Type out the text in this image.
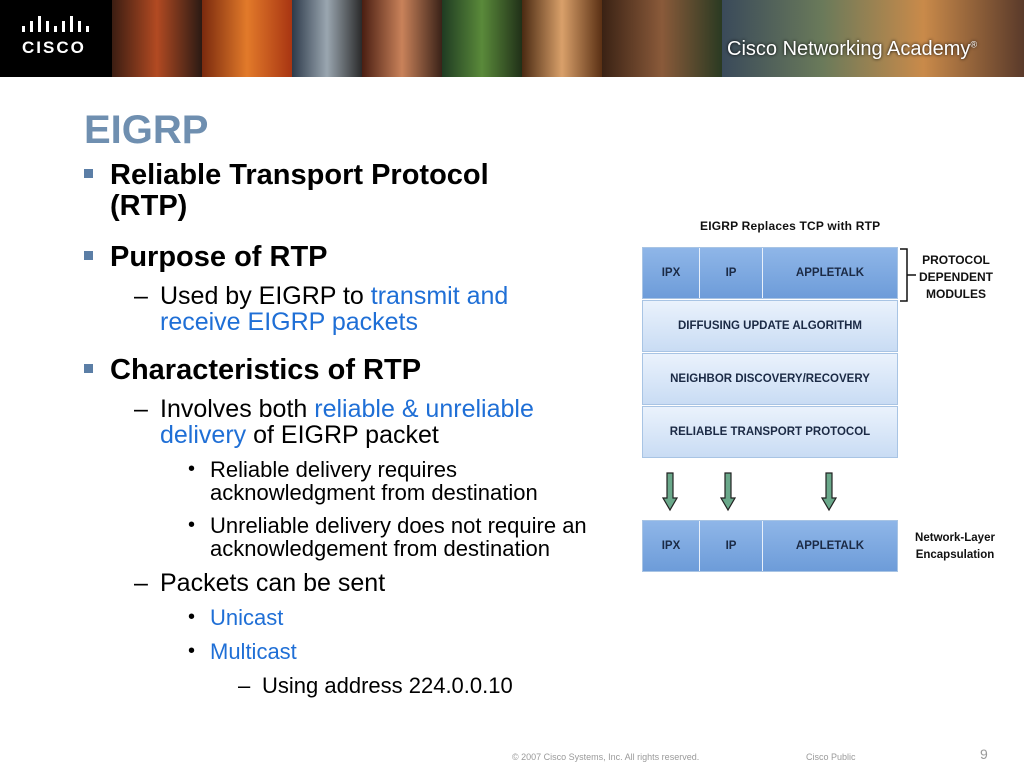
CISCO	Cisco Networking Academy®
EIGRP
Reliable Transport Protocol (RTP)
Purpose of RTP
– Used by EIGRP to transmit and receive EIGRP packets
Characteristics of RTP
– Involves both reliable & unreliable delivery of EIGRP packet
• Reliable delivery requires acknowledgment from destination
• Unreliable delivery does not require an acknowledgement from destination
– Packets can be sent
• Unicast
• Multicast
– Using address 224.0.0.10
EIGRP Replaces TCP with RTP
IPX	IP	APPLETALK
DIFFUSING UPDATE ALGORITHM
NEIGHBOR DISCOVERY/RECOVERY
RELIABLE TRANSPORT PROTOCOL
PROTOCOL
DEPENDENT
MODULES
IPX	IP	APPLETALK
Network-Layer
Encapsulation
© 2007 Cisco Systems, Inc. All rights reserved.	Cisco Public	9
